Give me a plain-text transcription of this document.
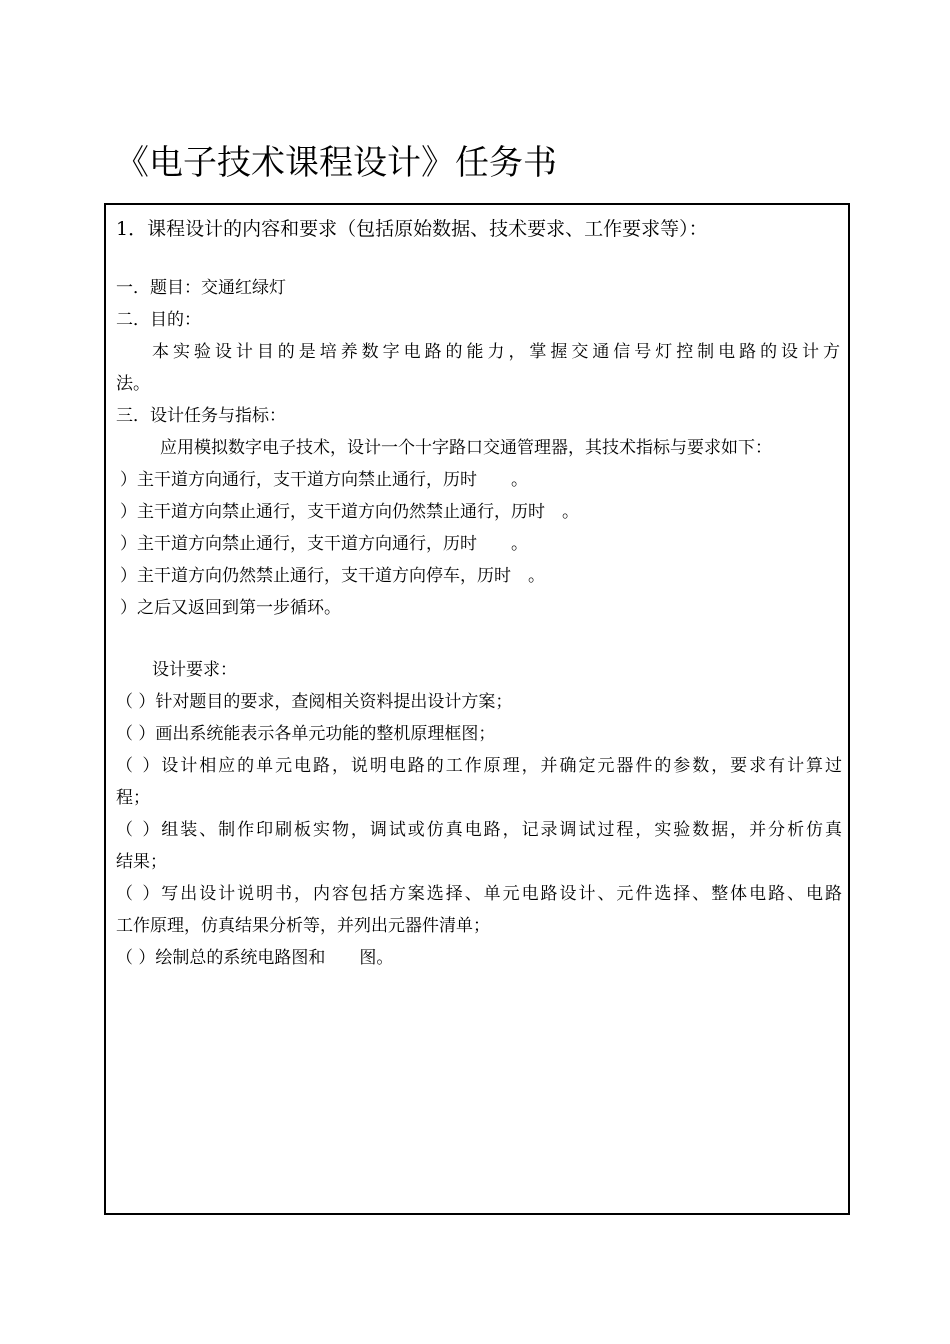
《电子技术课程设计》任务书
1．课程设计的内容和要求（包括原始数据、技术要求、工作要求等）：
一．题目：交通红绿灯
二．目的：
本实验设计目的是培养数字电路的能力，掌握交通信号灯控制电路的设计方
法。
三．设计任务与指标：
应用模拟数字电子技术，设计一个十字路口交通管理器，其技术指标与要求如下：
）主干道方向通行，支干道方向禁止通行，历时　　。
）主干道方向禁止通行，支干道方向仍然禁止通行，历时　。
）主干道方向禁止通行，支干道方向通行，历时　　。
）主干道方向仍然禁止通行，支干道方向停车，历时　。
）之后又返回到第一步循环。
设计要求：
（ ）针对题目的要求，查阅相关资料提出设计方案；
（ ）画出系统能表示各单元功能的整机原理框图；
（ ）设计相应的单元电路，说明电路的工作原理，并确定元器件的参数，要求有计算过
程；
（ ）组装、制作印刷板实物，调试或仿真电路，记录调试过程，实验数据，并分析仿真
结果；
（ ）写出设计说明书，内容包括方案选择、单元电路设计、元件选择、整体电路、电路
工作原理，仿真结果分析等，并列出元器件清单；
（ ）绘制总的系统电路图和　　图。
